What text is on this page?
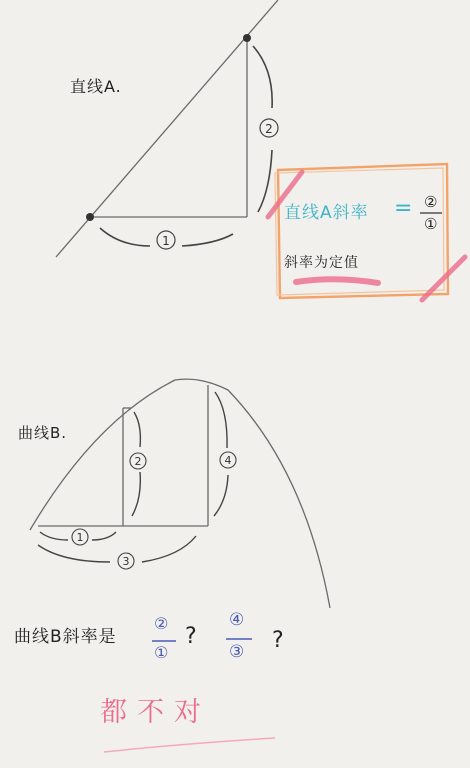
1
2
1
3
2	4
直线A.
直线A斜率 = ②
①
斜率为定值
曲线B.
曲线B斜率是
②
①
?
④
③ ?
都不对
